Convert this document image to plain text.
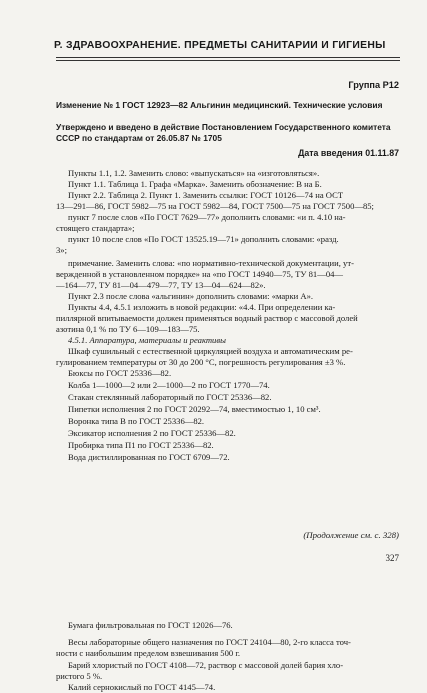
Р. ЗДРАВООХРАНЕНИЕ. ПРЕДМЕТЫ САНИТАРИИ И ГИГИЕНЫ
Группа Р12
Изменение № 1 ГОСТ 12923—82 Альгинин медицинский. Технические условия
Утверждено и введено в действие Постановлением Государственного комитета
СССР по стандартам от 26.05.87 № 1705
Дата введения 01.11.87
Пункты 1.1, 1.2. Заменить слово: «выпускаться» на «изготовляться».
Пункт 1.1. Таблица 1. Графа «Марка». Заменить обозначение: В на Б.
Пункт 2.2. Таблица 2. Пункт 1. Заменить ссылки: ГОСТ 10126—74 на ОСТ
13—291—86, ГОСТ 5982—75 на ГОСТ 5982—84, ГОСТ 7500—75 на ГОСТ 7500—85;
пункт 7 после слов «По ГОСТ 7629—77» дополнить словами: «и п. 4.10 на-
стоящего стандарта»;
пункт 10 после слов «По ГОСТ 13525.19—71» дополнить словами: «разд.
3»;
примечание. Заменить слова: «по нормативно-технической документации, ут-
вержденной в установленном порядке» на «по ГОСТ 14940—75, ТУ 81—04—
—164—77, ТУ 81—04—479—77, ТУ 13—04—624—82».
Пункт 2.3 после слова «альгинин» дополнить словами: «марки А».
Пункты 4.4, 4.5.1 изложить в новой редакции: «4.4. При определении ка-
пиллярной впитываемости должен применяться водный раствор с массовой долей
азотина 0,1 % по ТУ 6—109—183—75.
4.5.1. Аппаратура, материалы и реактивы
Шкаф сушильный с естественной циркуляцией воздуха и автоматическим ре-
гулированием температуры от 30 до 200 °С, погрешность регулирования ±3 %.
Бюксы по ГОСТ 25336—82.
Колба 1—1000—2 или 2—1000—2 по ГОСТ 1770—74.
Стакан стеклянный лабораторный по ГОСТ 25336—82.
Пипетки исполнения 2 по ГОСТ 20292—74, вместимостью 1, 10 см³.
Воронка типа В по ГОСТ 25336—82.
Эксикатор исполнения 2 по ГОСТ 25336—82.
Пробирка типа П1 по ГОСТ 25336—82.
Вода дистиллированная по ГОСТ 6709—72.
Бумага фильтровальная по ГОСТ 12026—76.
Весы лабораторные общего назначения по ГОСТ 24104—80, 2-го класса точ-
ности с наибольшим пределом взвешивания 500 г.
Барий хлористый по ГОСТ 4108—72, раствор с массовой долей бария хло-
ристого 5 %.
Калий сернокислый по ГОСТ 4145—74.
(Продолжение см. с. 328)
327
